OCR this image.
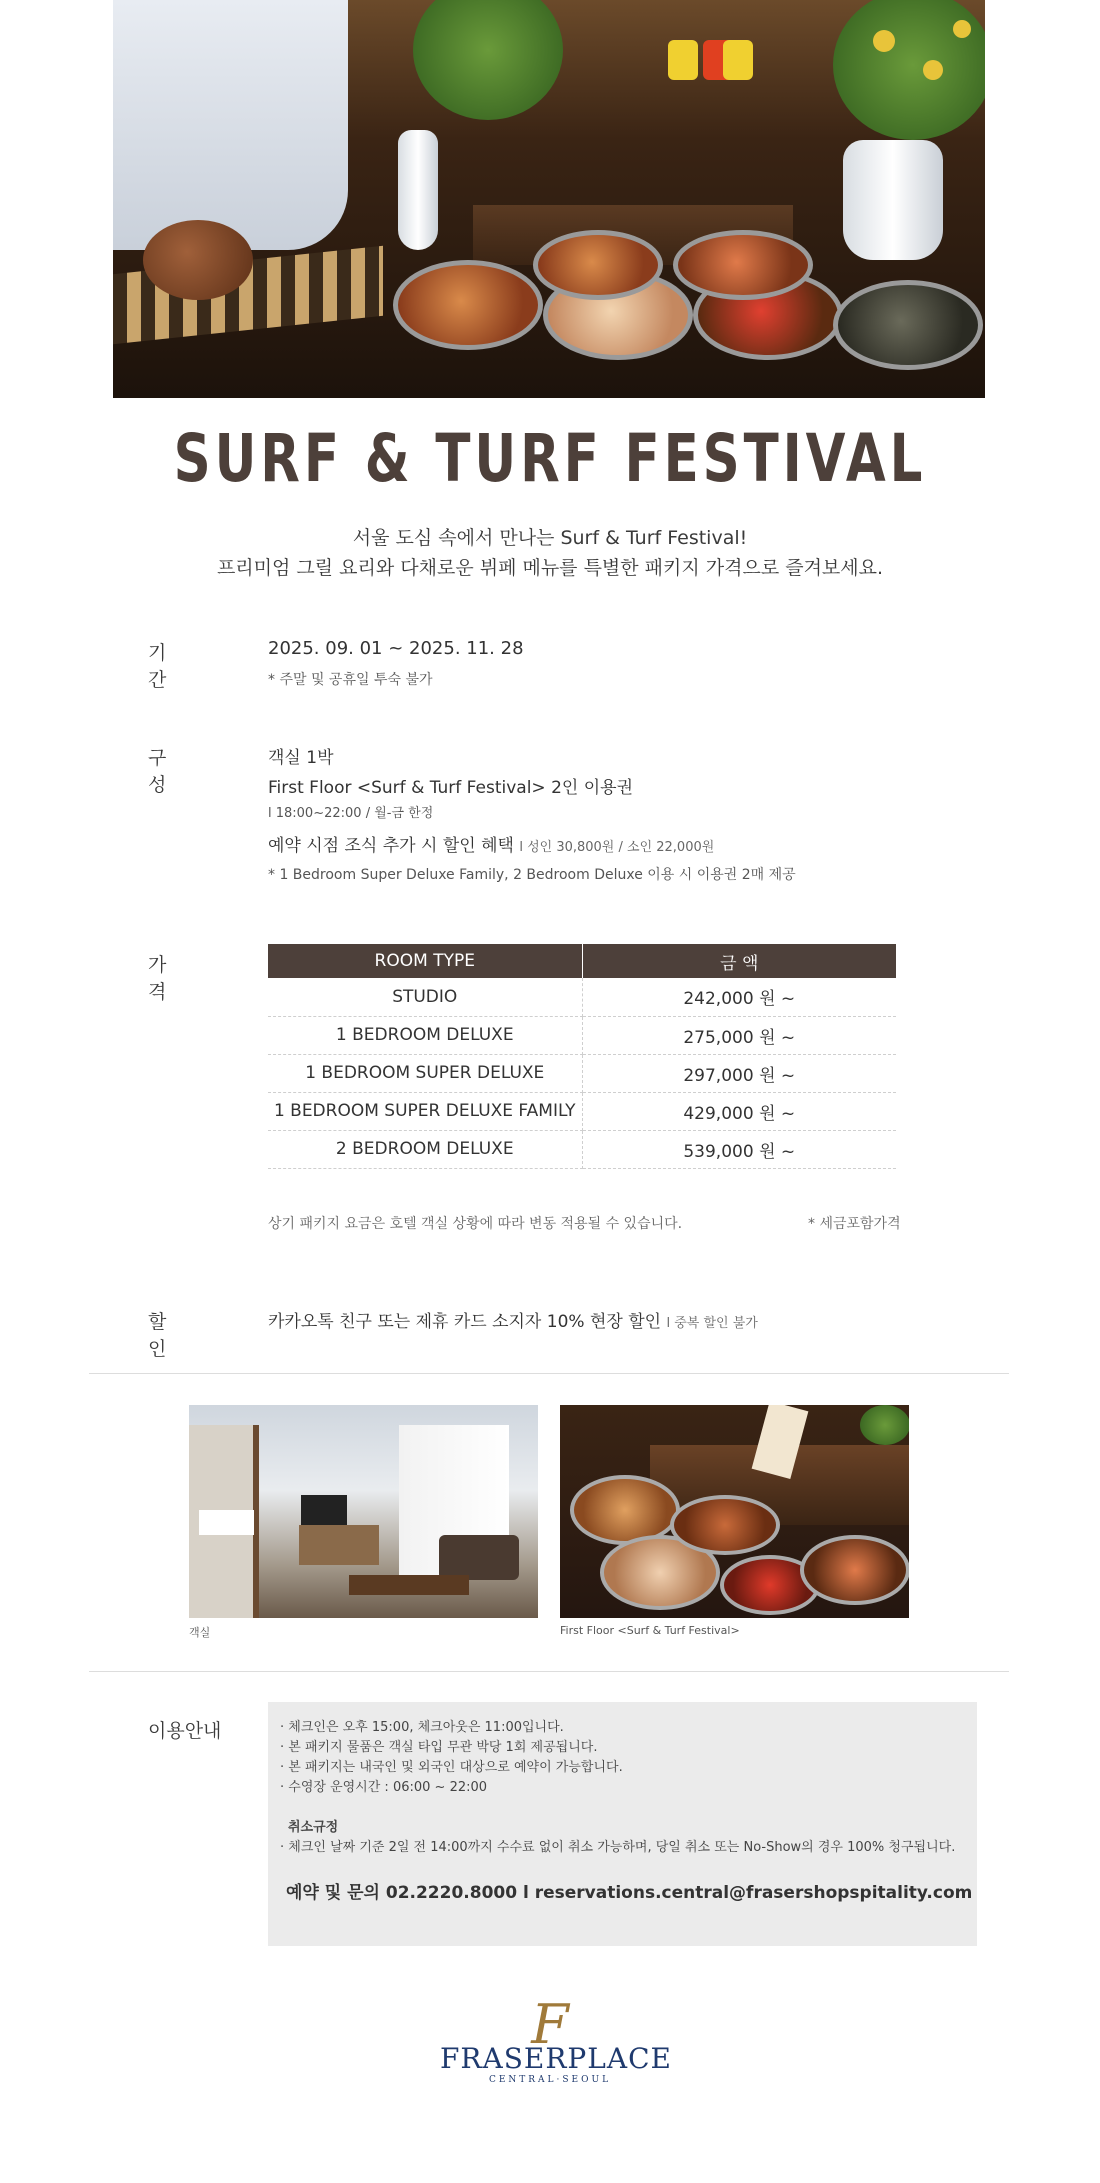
SURF & TURF FESTIVAL
서울 도심 속에서 만나는 Surf & Turf Festival!
프리미엄 그릴 요리와 다채로운 뷔페 메뉴를 특별한 패키지 가격으로 즐겨보세요.
기 간
2025. 09. 01 ~ 2025. 11. 28
* 주말 및 공휴일 투숙 불가
구 성
객실 1박
First Floor <Surf & Turf Festival> 2인 이용권
l 18:00~22:00 / 월-금 한정
예약 시점 조식 추가 시 할인 혜택 l 성인 30,800원 / 소인 22,000원
* 1 Bedroom Super Deluxe Family, 2 Bedroom Deluxe 이용 시 이용권 2매 제공
가 격
ROOM TYPE	금 액
STUDIO	242,000 원 ~
1 BEDROOM DELUXE	275,000 원 ~
1 BEDROOM SUPER DELUXE	297,000 원 ~
1 BEDROOM SUPER DELUXE FAMILY	429,000 원 ~
2 BEDROOM DELUXE	539,000 원 ~
상기 패키지 요금은 호텔 객실 상황에 따라 변동 적용될 수 있습니다.	* 세금포함가격
할 인
카카오톡 친구 또는 제휴 카드 소지자 10% 현장 할인 l 중복 할인 불가
객실	First Floor <Surf & Turf Festival>
이용안내	· 체크인은 오후 15:00, 체크아웃은 11:00입니다.
· 본 패키지 물품은 객실 타입 무관 박당 1회 제공됩니다.
· 본 패키지는 내국인 및 외국인 대상으로 예약이 가능합니다.
· 수영장 운영시간 : 06:00 ~ 22:00
취소규정
· 체크인 날짜 기준 2일 전 14:00까지 수수료 없이 취소 가능하며, 당일 취소 또는 No-Show의 경우 100% 청구됩니다.
예약 및 문의 02.2220.8000 l reservations.central@frasershopspitality.com
F
FRASERPLACE
CENTRAL·SEOUL
